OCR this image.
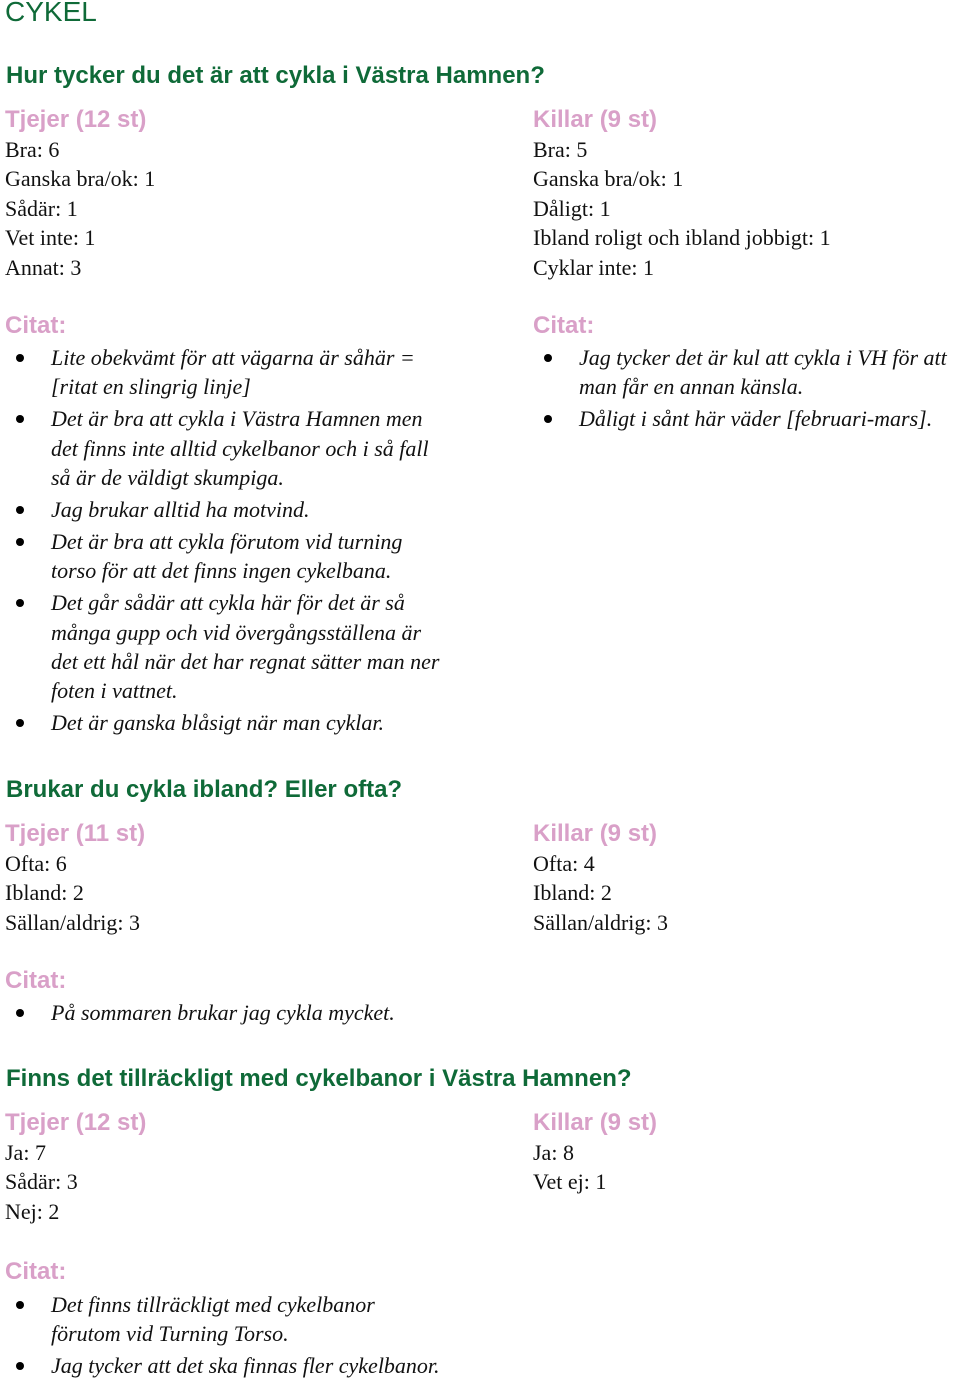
CYKEL
Hur tycker du det är att cykla i Västra Hamnen?
Tjejer (12 st)
Bra: 6
Ganska bra/ok: 1
Sådär: 1
Vet inte: 1
Annat: 3
Citat:
Lite obekvämt för att vägarna är såhär = [ritat en slingrig linje]
Det är bra att cykla i Västra Hamnen men det finns inte alltid cykelbanor och i så fall så är de väldigt skumpiga.
Jag brukar alltid ha motvind.
Det är bra att cykla förutom vid turning torso för att det finns ingen cykelbana.
Det går sådär att cykla här för det är så många gupp och vid övergångsställena är det ett hål när det har regnat sätter man ner foten i vattnet.
Det är ganska blåsigt när man cyklar.
Killar (9 st)
Bra: 5
Ganska bra/ok: 1
Dåligt: 1
Ibland roligt och ibland jobbigt: 1
Cyklar inte: 1
Citat:
Jag tycker det är kul att cykla i VH för att man får en annan känsla.
Dåligt i sånt här väder [februari-mars].
Brukar du cykla ibland? Eller ofta?
Tjejer (11 st)
Ofta: 6
Ibland: 2
Sällan/aldrig: 3
Citat:
På sommaren brukar jag cykla mycket.
Killar (9 st)
Ofta: 4
Ibland: 2
Sällan/aldrig: 3
Finns det tillräckligt med cykelbanor i Västra Hamnen?
Tjejer (12 st)
Ja: 7
Sådär: 3
Nej: 2
Citat:
Det finns tillräckligt med cykelbanor förutom vid Turning Torso.
Jag tycker att det ska finnas fler cykelbanor.
Killar (9 st)
Ja: 8
Vet ej: 1
